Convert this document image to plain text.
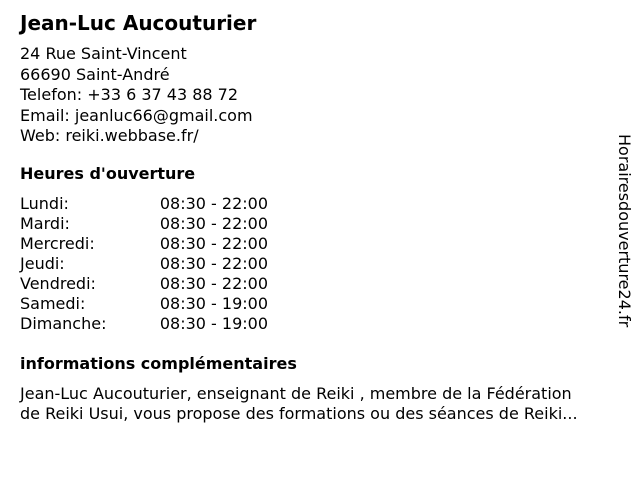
Jean-Luc Aucouturier
24 Rue Saint-Vincent
66690 Saint-André
Telefon: +33 6 37 43 88 72
Email: jeanluc66@gmail.com
Web: reiki.webbase.fr/
Heures d'ouverture
Lundi:	08:30 - 22:00
Mardi:	08:30 - 22:00
Mercredi:	08:30 - 22:00
Jeudi:	08:30 - 22:00
Vendredi:	08:30 - 22:00
Samedi:	08:30 - 19:00
Dimanche:	08:30 - 19:00
informations complémentaires
Jean-Luc Aucouturier, enseignant de Reiki , membre de la Fédération
de Reiki Usui, vous propose des formations ou des séances de Reiki...
Horairesdouverture24.fr
